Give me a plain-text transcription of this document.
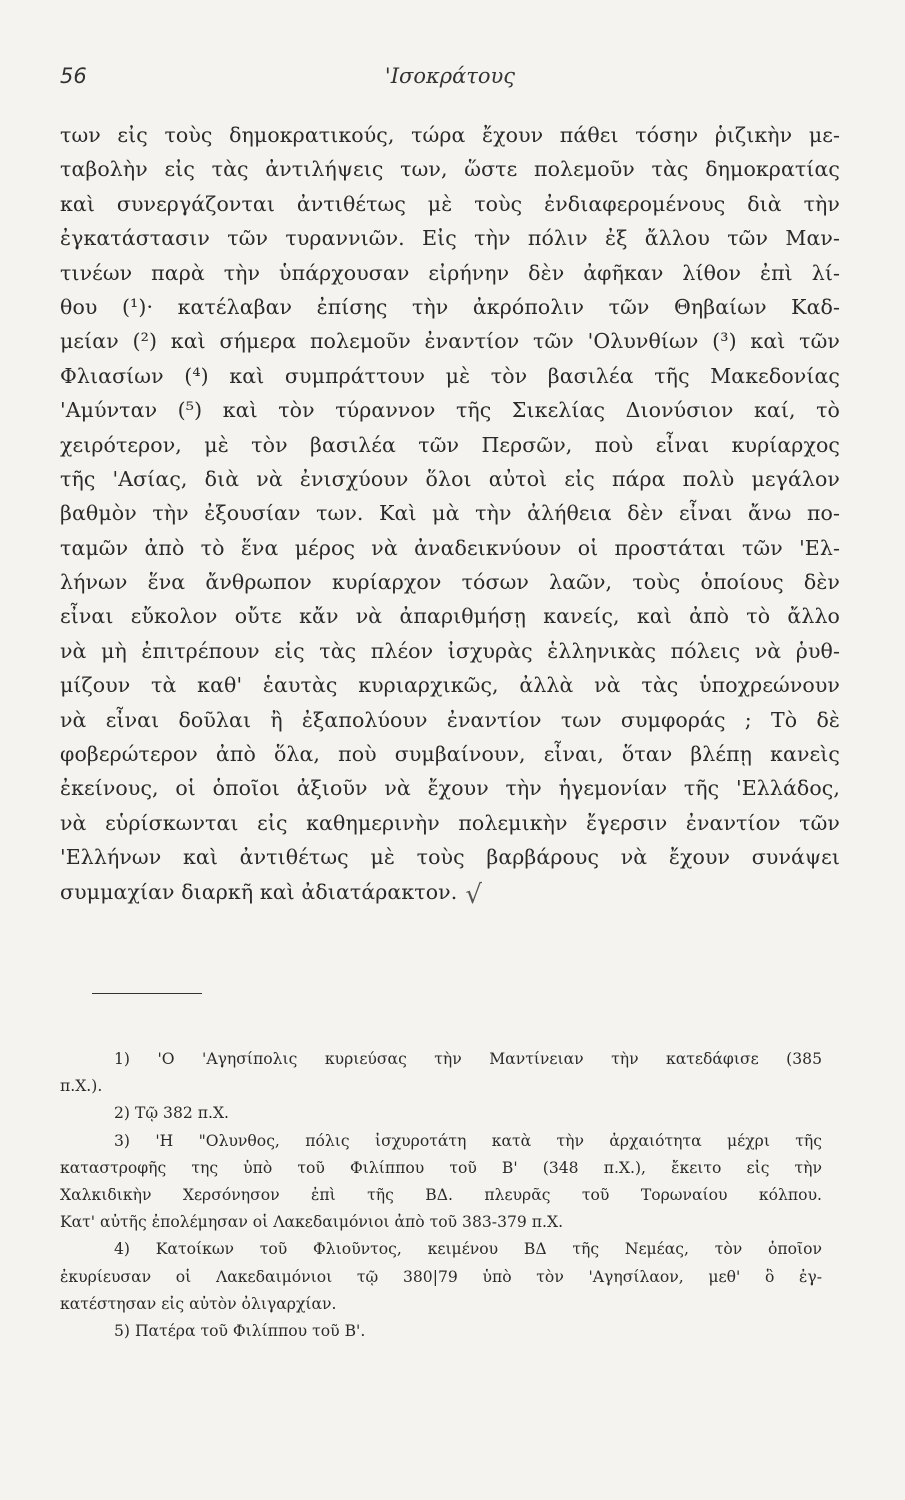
56	'Ισοκράτους
των εἰς τοὺς δημοκρατικούς, τώρα ἔχουν πάθει τόσην ῥιζικὴν με-
ταβολὴν εἰς τὰς ἀντιλήψεις των, ὥστε πολεμοῦν τὰς δημοκρατίας
καὶ συνεργάζονται ἀντιθέτως μὲ τοὺς ἐνδιαφερομένους διὰ τὴν
ἐγκατάστασιν τῶν τυραννιῶν. Εἰς τὴν πόλιν ἐξ ἄλλου τῶν Μαν-
τινέων παρὰ τὴν ὑπάρχουσαν εἰρήνην δὲν ἀφῆκαν λίθον ἐπὶ λί-
θου (¹)· κατέλαβαν ἐπίσης τὴν ἀκρόπολιν τῶν Θηβαίων Καδ-
μείαν (²) καὶ σήμερα πολεμοῦν ἐναντίον τῶν 'Ολυνθίων (³) καὶ τῶν
Φλιασίων (⁴) καὶ συμπράττουν μὲ τὸν βασιλέα τῆς Μακεδονίας
'Αμύνταν (⁵) καὶ τὸν τύραννον τῆς Σικελίας Διονύσιον καί, τὸ
χειρότερον, μὲ τὸν βασιλέα τῶν Περσῶν, ποὺ εἶναι κυρίαρχος
τῆς 'Ασίας, διὰ νὰ ἐνισχύουν ὅλοι αὐτοὶ εἰς πάρα πολὺ μεγάλον
βαθμὸν τὴν ἐξουσίαν των. Καὶ μὰ τὴν ἀλήθεια δὲν εἶναι ἄνω πο-
ταμῶν ἀπὸ τὸ ἕνα μέρος νὰ ἀναδεικνύουν οἱ προστάται τῶν 'Ελ-
λήνων ἕνα ἄνθρωπον κυρίαρχον τόσων λαῶν, τοὺς ὁποίους δὲν
εἶναι εὔκολον οὔτε κἄν νὰ ἀπαριθμήσῃ κανείς, καὶ ἀπὸ τὸ ἄλλο
νὰ μὴ ἐπιτρέπουν εἰς τὰς πλέον ἰσχυρὰς ἑλληνικὰς πόλεις νὰ ῥυθ-
μίζουν τὰ καθ' ἑαυτὰς κυριαρχικῶς, ἀλλὰ νὰ τὰς ὑποχρεώνουν
νὰ εἶναι δοῦλαι ἢ ἐξαπολύουν ἐναντίον των συμφοράς ; Τὸ δὲ
φοβερώτερον ἀπὸ ὅλα, ποὺ συμβαίνουν, εἶναι, ὅταν βλέπῃ κανεὶς
ἐκείνους, οἱ ὁποῖοι ἀξιοῦν νὰ ἔχουν τὴν ἡγεμονίαν τῆς 'Ελλάδος,
νὰ εὑρίσκωνται εἰς καθημερινὴν πολεμικὴν ἔγερσιν ἐναντίον τῶν
'Ελλήνων καὶ ἀντιθέτως μὲ τοὺς βαρβάρους νὰ ἔχουν συνάψει
συμμαχίαν διαρκῆ καὶ ἀδιατάρακτον. √
1) 'Ο 'Αγησίπολις κυριεύσας τὴν Μαντίνειαν τὴν κατεδάφισε (385
π.Χ.).
2) Τῷ 382 π.Χ.
3) 'Η "Ολυνθος, πόλις ἰσχυροτάτη κατὰ τὴν ἀρχαιότητα μέχρι τῆς
καταστροφῆς της ὑπὸ τοῦ Φιλίππου τοῦ Β' (348 π.Χ.), ἔκειτο εἰς τὴν
Χαλκιδικὴν Χερσόνησον ἐπὶ τῆς ΒΔ. πλευρᾶς τοῦ Τορωναίου κόλπου.
Κατ' αὐτῆς ἐπολέμησαν οἱ Λακεδαιμόνιοι ἀπὸ τοῦ 383-379 π.Χ.
4) Κατοίκων τοῦ Φλιοῦντος, κειμένου ΒΔ τῆς Νεμέας, τὸν ὁποῖον
ἐκυρίευσαν οἱ Λακεδαιμόνιοι τῷ 380|79 ὑπὸ τὸν 'Αγησίλαον, μεθ' ὃ ἐγ-
κατέστησαν εἰς αὐτὸν ὀλιγαρχίαν.
5) Πατέρα τοῦ Φιλίππου τοῦ Β'.
